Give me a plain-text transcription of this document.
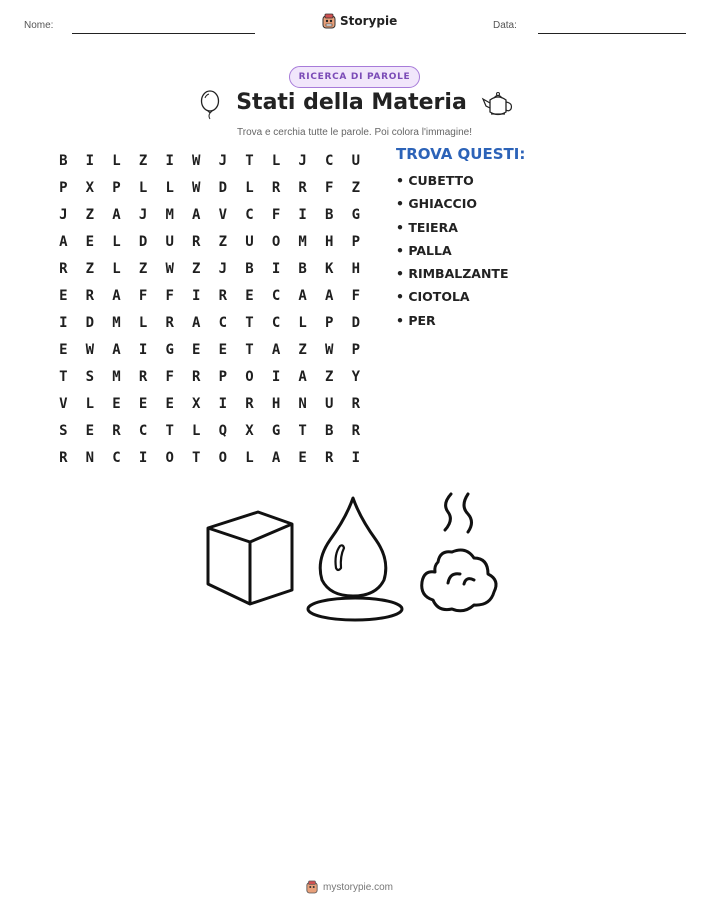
Nome:	Storypie	Data:
RICERCA DI PAROLE
Stati della Materia
Trova e cerchia tutte le parole. Poi colora l'immagine!
B	I	L	Z	I	W	J	T	L	J	C	U
P	X	P	L	L	W	D	L	R	R	F	Z
J	Z	A	J	M	A	V	C	F	I	B	G
A	E	L	D	U	R	Z	U	O	M	H	P
R	Z	L	Z	W	Z	J	B	I	B	K	H
E	R	A	F	F	I	R	E	C	A	A	F
I	D	M	L	R	A	C	T	C	L	P	D
E	W	A	I	G	E	E	T	A	Z	W	P
T	S	M	R	F	R	P	O	I	A	Z	Y
V	L	E	E	E	X	I	R	H	N	U	R
S	E	R	C	T	L	Q	X	G	T	B	R
R	N	C	I	O	T	O	L	A	E	R	I
TROVA QUESTI:
• CUBETTO
• GHIACCIO
• TEIERA
• PALLA
• RIMBALZANTE
• CIOTOLA
• PER
mystorypie.com
